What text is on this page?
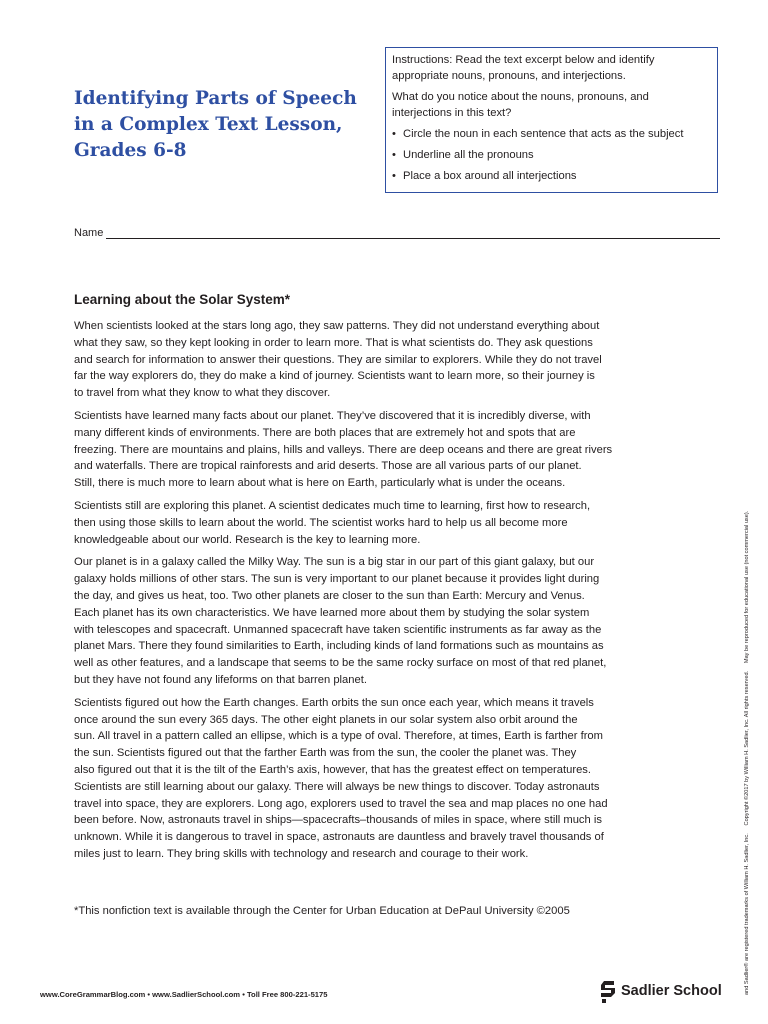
Identifying Parts of Speech
in a Complex Text Lesson,
Grades 6-8

Instructions: Read the text excerpt below and identify appropriate nouns, pronouns, and interjections.

What do you notice about the nouns, pronouns, and interjections in this text?

• Circle the noun in each sentence that acts as the subject
• Underline all the pronouns
• Place a box around all interjections
Name
Learning about the Solar System*

When scientists looked at the stars long ago, they saw patterns. They did not understand everything about
what they saw, so they kept looking in order to learn more. That is what scientists do. They ask questions
and search for information to answer their questions. They are similar to explorers. While they do not travel
far the way explorers do, they do make a kind of journey. Scientists want to learn more, so their journey is
to travel from what they know to what they discover.

Scientists have learned many facts about our planet. They’ve discovered that it is incredibly diverse, with
many different kinds of environments. There are both places that are extremely hot and spots that are
freezing. There are mountains and plains, hills and valleys. There are deep oceans and there are great rivers
and waterfalls. There are tropical rainforests and arid deserts. Those are all various parts of our planet.
Still, there is much more to learn about what is here on Earth, particularly what is under the oceans.

Scientists still are exploring this planet. A scientist dedicates much time to learning, first how to research,
then using those skills to learn about the world. The scientist works hard to help us all become more
knowledgeable about our world. Research is the key to learning more.

Our planet is in a galaxy called the Milky Way. The sun is a big star in our part of this giant galaxy, but our
galaxy holds millions of other stars. The sun is very important to our planet because it provides light during
the day, and gives us heat, too. Two other planets are closer to the sun than Earth: Mercury and Venus.
Each planet has its own characteristics. We have learned more about them by studying the solar system
with telescopes and spacecraft. Unmanned spacecraft have taken scientific instruments as far away as the
planet Mars. There they found similarities to Earth, including kinds of land formations such as mountains as
well as other features, and a landscape that seems to be the same rocky surface on most of that red planet,
but they have not found any lifeforms on that barren planet.

Scientists figured out how the Earth changes. Earth orbits the sun once each year, which means it travels
once around the sun every 365 days. The other eight planets in our solar system also orbit around the
sun. All travel in a pattern called an ellipse, which is a type of oval. Therefore, at times, Earth is farther from
the sun. Scientists figured out that the farther Earth was from the sun, the cooler the planet was. They
also figured out that it is the tilt of the Earth’s axis, however, that has the greatest effect on temperatures.
Scientists are still learning about our galaxy. There will always be new things to discover. Today astronauts
travel into space, they are explorers. Long ago, explorers used to travel the sea and map places no one had
been before. Now, astronauts travel in ships—spacecrafts–thousands of miles in space, where still much is
unknown. While it is dangerous to travel in space, astronauts are dauntless and bravely travel thousands of
miles just to learn. They bring skills with technology and research and courage to their work.

*This nonfiction text is available through the Center for Urban Education at DePaul University ©2005

www.CoreGrammarBlog.com • www.SadlierSchool.com • Toll Free 800-221-5175	Sadlier School	and Sadlier® are registered trademarks of William H. Sadlier, Inc.     Copyright ©2017 by William H. Sadlier, Inc. All rights reserved.     May be reproduced for educational use (not commercial use).
